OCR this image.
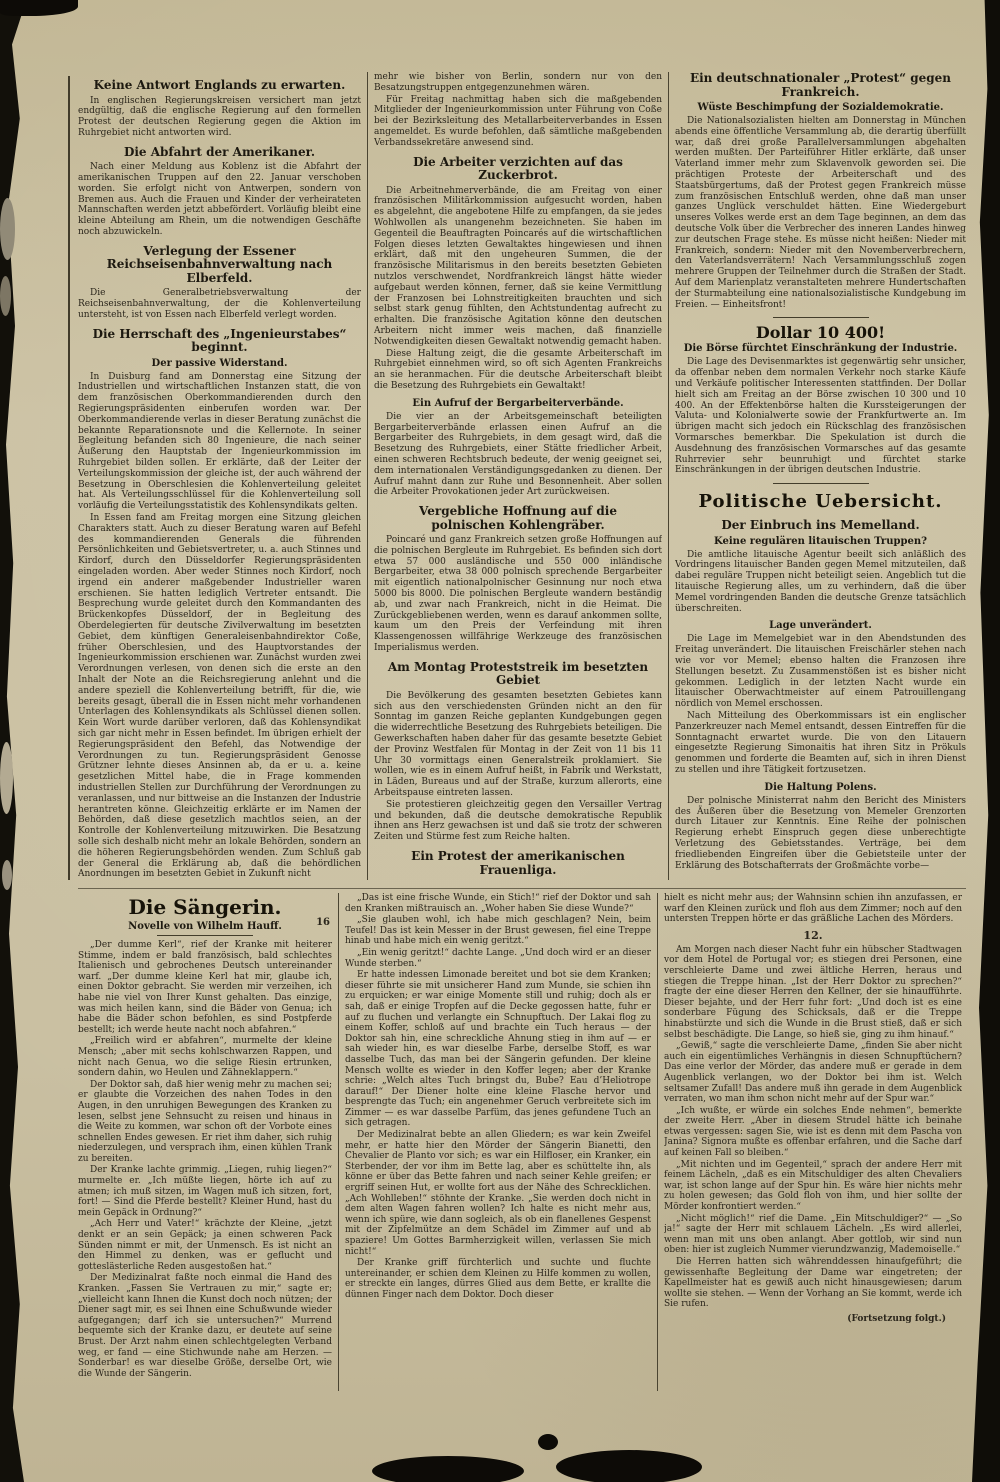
Keine Antwort Englands zu erwarten.

In englischen Regierungskreisen versichert man jetzt endgültig, daß die englische Regierung auf den formellen Protest der deutschen Regierung gegen die Aktion im Ruhrgebiet nicht antworten wird.

Die Abfahrt der Amerikaner.

Nach einer Meldung aus Koblenz ist die Abfahrt der amerikanischen Truppen auf den 22. Januar verschoben worden. Sie erfolgt nicht von Antwerpen, sondern von Bremen aus. Auch die Frauen und Kinder der verheirateten Mannschaften werden jetzt abbefördert. Vorläufig bleibt eine kleine Abteilung am Rhein, um die notwendigen Geschäfte noch abzuwickeln.

Verlegung der Essener Reichseisenbahnverwaltung nach Elberfeld.

Die Generalbetriebsverwaltung der Reichseisenbahnverwaltung, der die Kohlenverteilung untersteht, ist von Essen nach Elberfeld verlegt worden.

Die Herrschaft des „Ingenieurstabes“ beginnt.
Der passive Widerstand.

In Duisburg fand am Donnerstag eine Sitzung der Industriellen und wirtschaftlichen Instanzen statt, die von dem französischen Oberkommandierenden durch den Regierungspräsidenten einberufen worden war. Der Oberkommandierende verlas in dieser Beratung zunächst die bekannte Reparationsnote und die Kellernote. In seiner Begleitung befanden sich 80 Ingenieure, die nach seiner Äußerung den Hauptstab der Ingenieurkommission im Ruhrgebiet bilden sollen. Er erklärte, daß der Leiter der Verteilungskommission der gleiche ist, der auch während der Besetzung in Oberschlesien die Kohlenverteilung geleitet hat. Als Verteilungsschlüssel für die Kohlenverteilung soll vorläufig die Verteilungsstatistik des Kohlensyndikats gelten.

In Essen fand am Freitag morgen eine Sitzung gleichen Charakters statt. Auch zu dieser Beratung waren auf Befehl des kommandierenden Generals die führenden Persönlichkeiten und Gebietsvertreter, u. a. auch Stinnes und Kirdorf, durch den Düsseldorfer Regierungspräsidenten eingeladen worden. Aber weder Stinnes noch Kirdorf, noch irgend ein anderer maßgebender Industrieller waren erschienen. Sie hatten lediglich Vertreter entsandt. Die Besprechung wurde geleitet durch den Kommandanten des Brückenkopfes Düsseldorf, der in Begleitung des Oberdelegierten für deutsche Zivilverwaltung im besetzten Gebiet, dem künftigen Generaleisenbahndirektor Coße, früher Oberschlesien, und des Hauptvorstandes der Ingenieurkommission erschienen war. Zunächst wurden zwei Verordnungen verlesen, von denen sich die erste an den Inhalt der Note an die Reichsregierung anlehnt und die andere speziell die Kohlenverteilung betrifft, für die, wie bereits gesagt, überall die in Essen nicht mehr vorhandenen Unterlagen des Kohlensyndikats als Schlüssel dienen sollen. Kein Wort wurde darüber verloren, daß das Kohlensyndikat sich gar nicht mehr in Essen befindet. Im übrigen erhielt der Regierungspräsident den Befehl, das Notwendige der Verordnungen zu tun. Regierungspräsident Genosse Grützner lehnte dieses Ansinnen ab, da er u. a. keine gesetzlichen Mittel habe, die in Frage kommenden industriellen Stellen zur Durchführung der Verordnungen zu veranlassen, und nur bittweise an die Instanzen der Industrie herantreten könne. Gleichzeitig erklärte er im Namen der Behörden, daß diese gesetzlich machtlos seien, an der Kontrolle der Kohlenverteilung mitzuwirken. Die Besatzung solle sich deshalb nicht mehr an lokale Behörden, sondern an die höheren Regierungsbehörden wenden. Zum Schluß gab der General die Erklärung ab, daß die behördlichen Anordnungen im besetzten Gebiet in Zukunft nicht

mehr wie bisher von Berlin, sondern nur von den Besatzungstruppen entgegenzunehmen wären.

Für Freitag nachmittag haben sich die maßgebenden Mitglieder der Ingenieurkommission unter Führung von Coße bei der Bezirksleitung des Metallarbeiterverbandes in Essen angemeldet. Es wurde befohlen, daß sämtliche maßgebenden Verbandssekretäre anwesend sind.

Die Arbeiter verzichten auf das Zuckerbrot.

Die Arbeitnehmerverbände, die am Freitag von einer französischen Militärkommission aufgesucht worden, haben es abgelehnt, die angebotene Hilfe zu empfangen, da sie jedes Wohlwollen als unangenehm bezeichneten. Sie haben im Gegenteil die Beauftragten Poincarés auf die wirtschaftlichen Folgen dieses letzten Gewaltaktes hingewiesen und ihnen erklärt, daß mit den ungeheuren Summen, die der französische Militarismus in den bereits besetzten Gebieten nutzlos verschwendet, Nordfrankreich längst hätte wieder aufgebaut werden können, ferner, daß sie keine Vermittlung der Franzosen bei Lohnstreitigkeiten brauchten und sich selbst stark genug fühlten, den Achtstundentag aufrecht zu erhalten. Die französische Agitation könne den deutschen Arbeitern nicht immer weis machen, daß finanzielle Notwendigkeiten diesen Gewaltakt notwendig gemacht haben.

Diese Haltung zeigt, die die gesamte Arbeiterschaft im Ruhrgebiet einnehmen wird, so oft sich Agenten Frankreichs an sie heranmachen. Für die deutsche Arbeiterschaft bleibt die Besetzung des Ruhrgebiets ein Gewaltakt!

Ein Aufruf der Bergarbeiterverbände.

Die vier an der Arbeitsgemeinschaft beteiligten Bergarbeiterverbände erlassen einen Aufruf an die Bergarbeiter des Ruhrgebiets, in dem gesagt wird, daß die Besetzung des Ruhrgebiets, einer Stätte friedlicher Arbeit, einen schweren Rechtsbruch bedeute, der wenig geeignet sei, dem internationalen Verständigungsgedanken zu dienen. Der Aufruf mahnt dann zur Ruhe und Besonnenheit. Aber sollen die Arbeiter Provokationen jeder Art zurückweisen.

Vergebliche Hoffnung auf die polnischen Kohlengräber.

Poincaré und ganz Frankreich setzen große Hoffnungen auf die polnischen Bergleute im Ruhrgebiet. Es befinden sich dort etwa 57 000 ausländische und 550 000 inländische Bergarbeiter, etwa 38 000 polnisch sprechende Bergarbeiter mit eigentlich nationalpolnischer Gesinnung nur noch etwa 5000 bis 8000. Die polnischen Bergleute wandern beständig ab, und zwar nach Frankreich, nicht in die Heimat. Die Zurückgebliebenen werden, wenn es darauf ankommen sollte, kaum um den Preis der Verfeindung mit ihren Klassengenossen willfährige Werkzeuge des französischen Imperialismus werden.

Am Montag Proteststreik im besetzten Gebiet

Die Bevölkerung des gesamten besetzten Gebietes kann sich aus den verschiedensten Gründen nicht an den für Sonntag im ganzen Reiche geplanten Kundgebungen gegen die widerrechtliche Besetzung des Ruhrgebiets beteiligen. Die Gewerkschaften haben daher für das gesamte besetzte Gebiet der Provinz Westfalen für Montag in der Zeit von 11 bis 11 Uhr 30 vormittags einen Generalstreik proklamiert. Sie wollen, wie es in einem Aufruf heißt, in Fabrik und Werkstatt, in Läden, Bureaus und auf der Straße, kurzum allerorts, eine Arbeitspause eintreten lassen.

Sie protestieren gleichzeitig gegen den Versailler Vertrag und bekunden, daß die deutsche demokratische Republik ihnen ans Herz gewachsen ist und daß sie trotz der schweren Zeiten und Stürme fest zum Reiche halten.

Ein Protest der amerikanischen Frauenliga.

Ein deutschnationaler „Protest“ gegen Frankreich.
Wüste Beschimpfung der Sozialdemokratie.

Die Nationalsozialisten hielten am Donnerstag in München abends eine öffentliche Versammlung ab, die derartig überfüllt war, daß drei große Parallelversammlungen abgehalten werden mußten. Der Parteiführer Hitler erklärte, daß unser Vaterland immer mehr zum Sklavenvolk geworden sei. Die prächtigen Proteste der Arbeiterschaft und des Staatsbürgertums, daß der Protest gegen Frankreich müsse zum französischen Entschluß werden, ohne daß man unser ganzes Unglück verschuldet hätten. Eine Wiedergeburt unseres Volkes werde erst an dem Tage beginnen, an dem das deutsche Volk über die Verbrecher des inneren Landes hinweg zur deutschen Frage stehe. Es müsse nicht heißen: Nieder mit Frankreich, sondern: Nieder mit den Novemberverbrechern, den Vaterlandsverrätern! Nach Versammlungsschluß zogen mehrere Gruppen der Teilnehmer durch die Straßen der Stadt. Auf dem Marienplatz veranstalteten mehrere Hundertschaften der Sturmabteilung eine nationalsozialistische Kundgebung im Freien. — Einheitsfront!

Dollar 10 400!
Die Börse fürchtet Einschränkung der Industrie.

Die Lage des Devisenmarktes ist gegenwärtig sehr unsicher, da offenbar neben dem normalen Verkehr noch starke Käufe und Verkäufe politischer Interessenten stattfinden. Der Dollar hielt sich am Freitag an der Börse zwischen 10 300 und 10 400. An der Effektenbörse halten die Kurssteigerungen der Valuta- und Kolonialwerte sowie der Frankfurtwerte an. Im übrigen macht sich jedoch ein Rückschlag des französischen Vormarsches bemerkbar. Die Spekulation ist durch die Ausdehnung des französischen Vormarsches auf das gesamte Ruhrrevier sehr beunruhigt und fürchtet starke Einschränkungen in der übrigen deutschen Industrie.

Politische Uebersicht.
Der Einbruch ins Memelland.
Keine regulären litauischen Truppen?

Die amtliche litauische Agentur beeilt sich anläßlich des Vordringens litauischer Banden gegen Memel mitzuteilen, daß dabei reguläre Truppen nicht beteiligt seien. Angeblich tut die litauische Regierung alles, um zu verhindern, daß die über Memel vordringenden Banden die deutsche Grenze tatsächlich überschreiten.

Lage unverändert.

Die Lage im Memelgebiet war in den Abendstunden des Freitag unverändert. Die litauischen Freischärler stehen nach wie vor vor Memel; ebenso halten die Franzosen ihre Stellungen besetzt. Zu Zusammenstößen ist es bisher nicht gekommen. Lediglich in der letzten Nacht wurde ein litauischer Oberwachtmeister auf einem Patrouillengang nördlich von Memel erschossen.

Nach Mitteilung des Oberkommissars ist ein englischer Panzerkreuzer nach Memel entsandt, dessen Eintreffen für die Sonntagnacht erwartet wurde. Die von den Litauern eingesetzte Regierung Simonaitis hat ihren Sitz in Prökuls genommen und forderte die Beamten auf, sich in ihren Dienst zu stellen und ihre Tätigkeit fortzusetzen.

Die Haltung Polens.

Der polnische Ministerrat nahm den Bericht des Ministers des Äußeren über die Besetzung von Memeler Grenzorten durch Litauer zur Kenntnis. Eine Reihe der polnischen Regierung erhebt Einspruch gegen diese unberechtigte Verletzung des Gebietsstandes. Verträge, bei dem friedliebenden Eingreifen über die Gebietsteile unter der Erklärung des Botschafterrats der Großmächte vorbe—

Die Sängerin.
Novelle von Wilhelm Hauff.	16

„Der dumme Kerl“, rief der Kranke mit heiterer Stimme, indem er bald französisch, bald schlechtes Italienisch und gebrochenes Deutsch untereinander warf. „Der dumme kleine Kerl hat mir, glaube ich, einen Doktor gebracht. Sie werden mir verzeihen, ich habe nie viel von Ihrer Kunst gehalten. Das einzige, was mich heilen kann, sind die Bäder von Genua; ich habe die Bäder schon befohlen, es sind Postpferde bestellt; ich werde heute nacht noch abfahren.“

„Freilich wird er abfahren“, murmelte der kleine Mensch; „aber mit sechs kohlschwarzen Rappen, und nicht nach Genua, wo die selige Riesin ertrunken, sondern dahin, wo Heulen und Zähneklappern.“

Der Doktor sah, daß hier wenig mehr zu machen sei; er glaubte die Vorzeichen des nahen Todes in den Augen, in den unruhigen Bewegungen des Kranken zu lesen, selbst jene Sehnsucht zu reisen und hinaus in die Weite zu kommen, war schon oft der Vorbote eines schnellen Endes gewesen. Er riet ihm daher, sich ruhig niederzulegen, und versprach ihm, einen kühlen Trank zu bereiten.

Der Kranke lachte grimmig. „Liegen, ruhig liegen?“ murmelte er. „Ich müßte liegen, hörte ich auf zu atmen; ich muß sitzen, im Wagen muß ich sitzen, fort, fort! — Sind die Pferde bestellt? Kleiner Hund, hast du mein Gepäck in Ordnung?“

„Ach Herr und Vater!“ krächzte der Kleine, „jetzt denkt er an sein Gepäck; ja einen schweren Pack Sünden nimmt er mit, der Unmensch. Es ist nicht an den Himmel zu denken, was er geflucht und gotteslästerliche Reden ausgestoßen hat.“

Der Medizinalrat faßte noch einmal die Hand des Kranken. „Fassen Sie Vertrauen zu mir,“ sagte er; „vielleicht kann Ihnen die Kunst doch noch nützen; der Diener sagt mir, es sei Ihnen eine Schußwunde wieder aufgegangen; darf ich sie untersuchen?“ Murrend bequemte sich der Kranke dazu, er deutete auf seine Brust. Der Arzt nahm einen schlechtgelegten Verband weg, er fand — eine Stichwunde nahe am Herzen. — Sonderbar! es war dieselbe Größe, derselbe Ort, wie die Wunde der Sängerin.

„Das ist eine frische Wunde, ein Stich!“ rief der Doktor und sah den Kranken mißtrauisch an. „Woher haben Sie diese Wunde?“

„Sie glauben wohl, ich habe mich geschlagen? Nein, beim Teufel! Das ist kein Messer in der Brust gewesen, fiel eine Treppe hinab und habe mich ein wenig geritzt.“

„Ein wenig geritzt!“ dachte Lange. „Und doch wird er an dieser Wunde sterben.“

Er hatte indessen Limonade bereitet und bot sie dem Kranken; dieser führte sie mit unsicherer Hand zum Munde, sie schien ihn zu erquicken; er war einige Momente still und ruhig; doch als er sah, daß er einige Tropfen auf die Decke gegossen hatte, fuhr er auf zu fluchen und verlangte ein Schnupftuch. Der Lakai flog zu einem Koffer, schloß auf und brachte ein Tuch heraus — der Doktor sah hin, eine schreckliche Ahnung stieg in ihm auf — er sah wieder hin, es war dieselbe Farbe, derselbe Stoff, es war dasselbe Tuch, das man bei der Sängerin gefunden. Der kleine Mensch wollte es wieder in den Koffer legen; aber der Kranke schrie: „Welch altes Tuch bringst du, Bube? Eau d’Heliotrope darauf!“ Der Diener holte eine kleine Flasche hervor und besprengte das Tuch; ein angenehmer Geruch verbreitete sich im Zimmer — es war dasselbe Parfüm, das jenes gefundene Tuch an sich getragen.

Der Medizinalrat bebte an allen Gliedern; es war kein Zweifel mehr, er hatte hier den Mörder der Sängerin Bianetti, den Chevalier de Planto vor sich; es war ein Hilfloser, ein Kranker, ein Sterbender, der vor ihm im Bette lag, aber es schüttelte ihn, als könne er über das Bette fahren und nach seiner Kehle greifen; er ergriff seinen Hut, er wollte fort aus der Nähe des Schrecklichen. „Ach Wohlleben!“ stöhnte der Kranke. „Sie werden doch nicht in dem alten Wagen fahren wollen? Ich halte es nicht mehr aus, wenn ich spüre, wie dann sogleich, als ob ein flanellenes Gespenst mit der Zipfelmütze an dem Schädel im Zimmer auf und ab spaziere! Um Gottes Barmherzigkeit willen, verlassen Sie mich nicht!“

Der Kranke griff fürchterlich und suchte und fluchte untereinander, er schien dem Kleinen zu Hilfe kommen zu wollen, er streckte ein langes, dürres Glied aus dem Bette, er krallte die dünnen Finger nach dem Doktor. Doch dieser

hielt es nicht mehr aus; der Wahnsinn schien ihn anzufassen, er warf den Kleinen zurück und floh aus dem Zimmer; noch auf den untersten Treppen hörte er das gräßliche Lachen des Mörders.

12.

Am Morgen nach dieser Nacht fuhr ein hübscher Stadtwagen vor dem Hotel de Portugal vor; es stiegen drei Personen, eine verschleierte Dame und zwei ältliche Herren, heraus und stiegen die Treppe hinan. „Ist der Herr Doktor zu sprechen?“ fragte der eine dieser Herren den Kellner, der sie hinaufführte. Dieser bejahte, und der Herr fuhr fort: „Und doch ist es eine sonderbare Fügung des Schicksals, daß er die Treppe hinabstürzte und sich die Wunde in die Brust stieß, daß er sich selbst beschädigte. Die Lange, so hieß sie, ging zu ihm hinauf.“

„Gewiß,“ sagte die verschleierte Dame, „finden Sie aber nicht auch ein eigentümliches Verhängnis in diesen Schnupftüchern? Das eine verlor der Mörder, das andere muß er gerade in dem Augenblick verlangen, wo der Doktor bei ihm ist. Welch seltsamer Zufall! Das andere muß ihn gerade in dem Augenblick verraten, wo man ihm schon nicht mehr auf der Spur war.“

„Ich wußte, er würde ein solches Ende nehmen“, bemerkte der zweite Herr. „Aber in diesem Strudel hätte ich beinahe etwas vergessen: sagen Sie, wie ist es denn mit dem Pascha von Janina? Signora mußte es offenbar erfahren, und die Sache darf auf keinen Fall so bleiben.“

„Mit nichten und im Gegenteil,“ sprach der andere Herr mit feinem Lächeln, „daß es ein Mitschuldiger des alten Chevaliers war, ist schon lange auf der Spur hin. Es wäre hier nichts mehr zu holen gewesen; das Gold floh von ihm, und hier sollte der Mörder konfrontiert werden.“

„Nicht möglich!“ rief die Dame. „Ein Mitschuldiger?“ — „So ja!“ sagte der Herr mit schlauem Lächeln. „Es wird allerlei, wenn man mit uns oben anlangt. Aber gottlob, wir sind nun oben: hier ist zugleich Nummer vierundzwanzig, Mademoiselle.“

Die Herren hatten sich währenddessen hinaufgeführt; die gewissenhafte Begleitung der Dame war eingetreten; der Kapellmeister hat es gewiß auch nicht hinausgewiesen; darum wollte sie stehen. — Wenn der Vorhang an Sie kommt, werde ich Sie rufen.

(Fortsetzung folgt.)
